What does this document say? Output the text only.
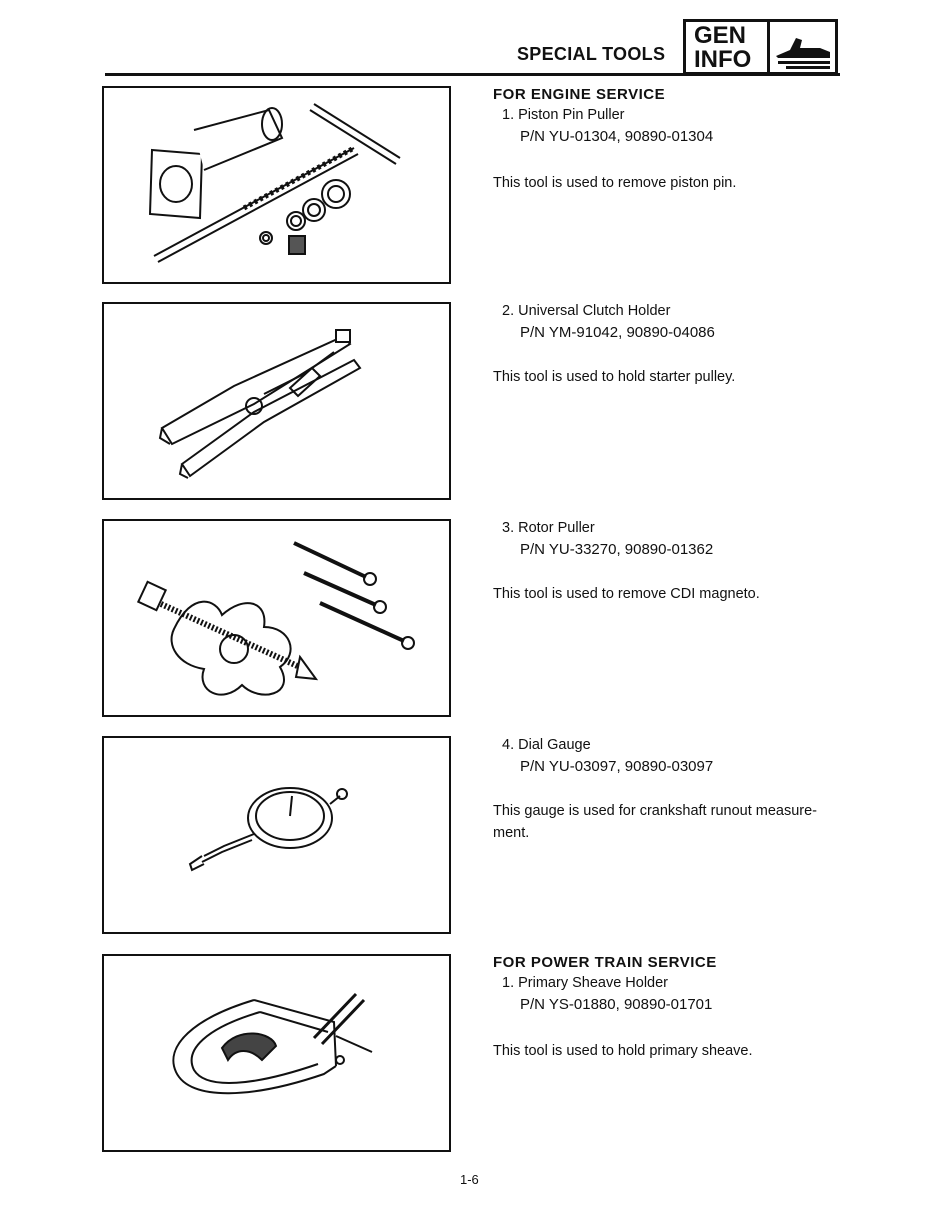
SPECIAL TOOLS
GEN
INFO
FOR ENGINE SERVICE
1. Piston Pin Puller
P/N YU-01304, 90890-01304
This tool is used to remove piston pin.
2. Universal Clutch Holder
P/N YM-91042, 90890-04086
This tool is used to hold starter pulley.
3. Rotor Puller
P/N YU-33270, 90890-01362
This tool is used to remove CDI magneto.
4. Dial Gauge
P/N YU-03097, 90890-03097
This gauge is used for crankshaft runout measure-
ment.
FOR POWER TRAIN SERVICE
1. Primary Sheave Holder
P/N YS-01880, 90890-01701
This tool is used to hold primary sheave.
1-6
